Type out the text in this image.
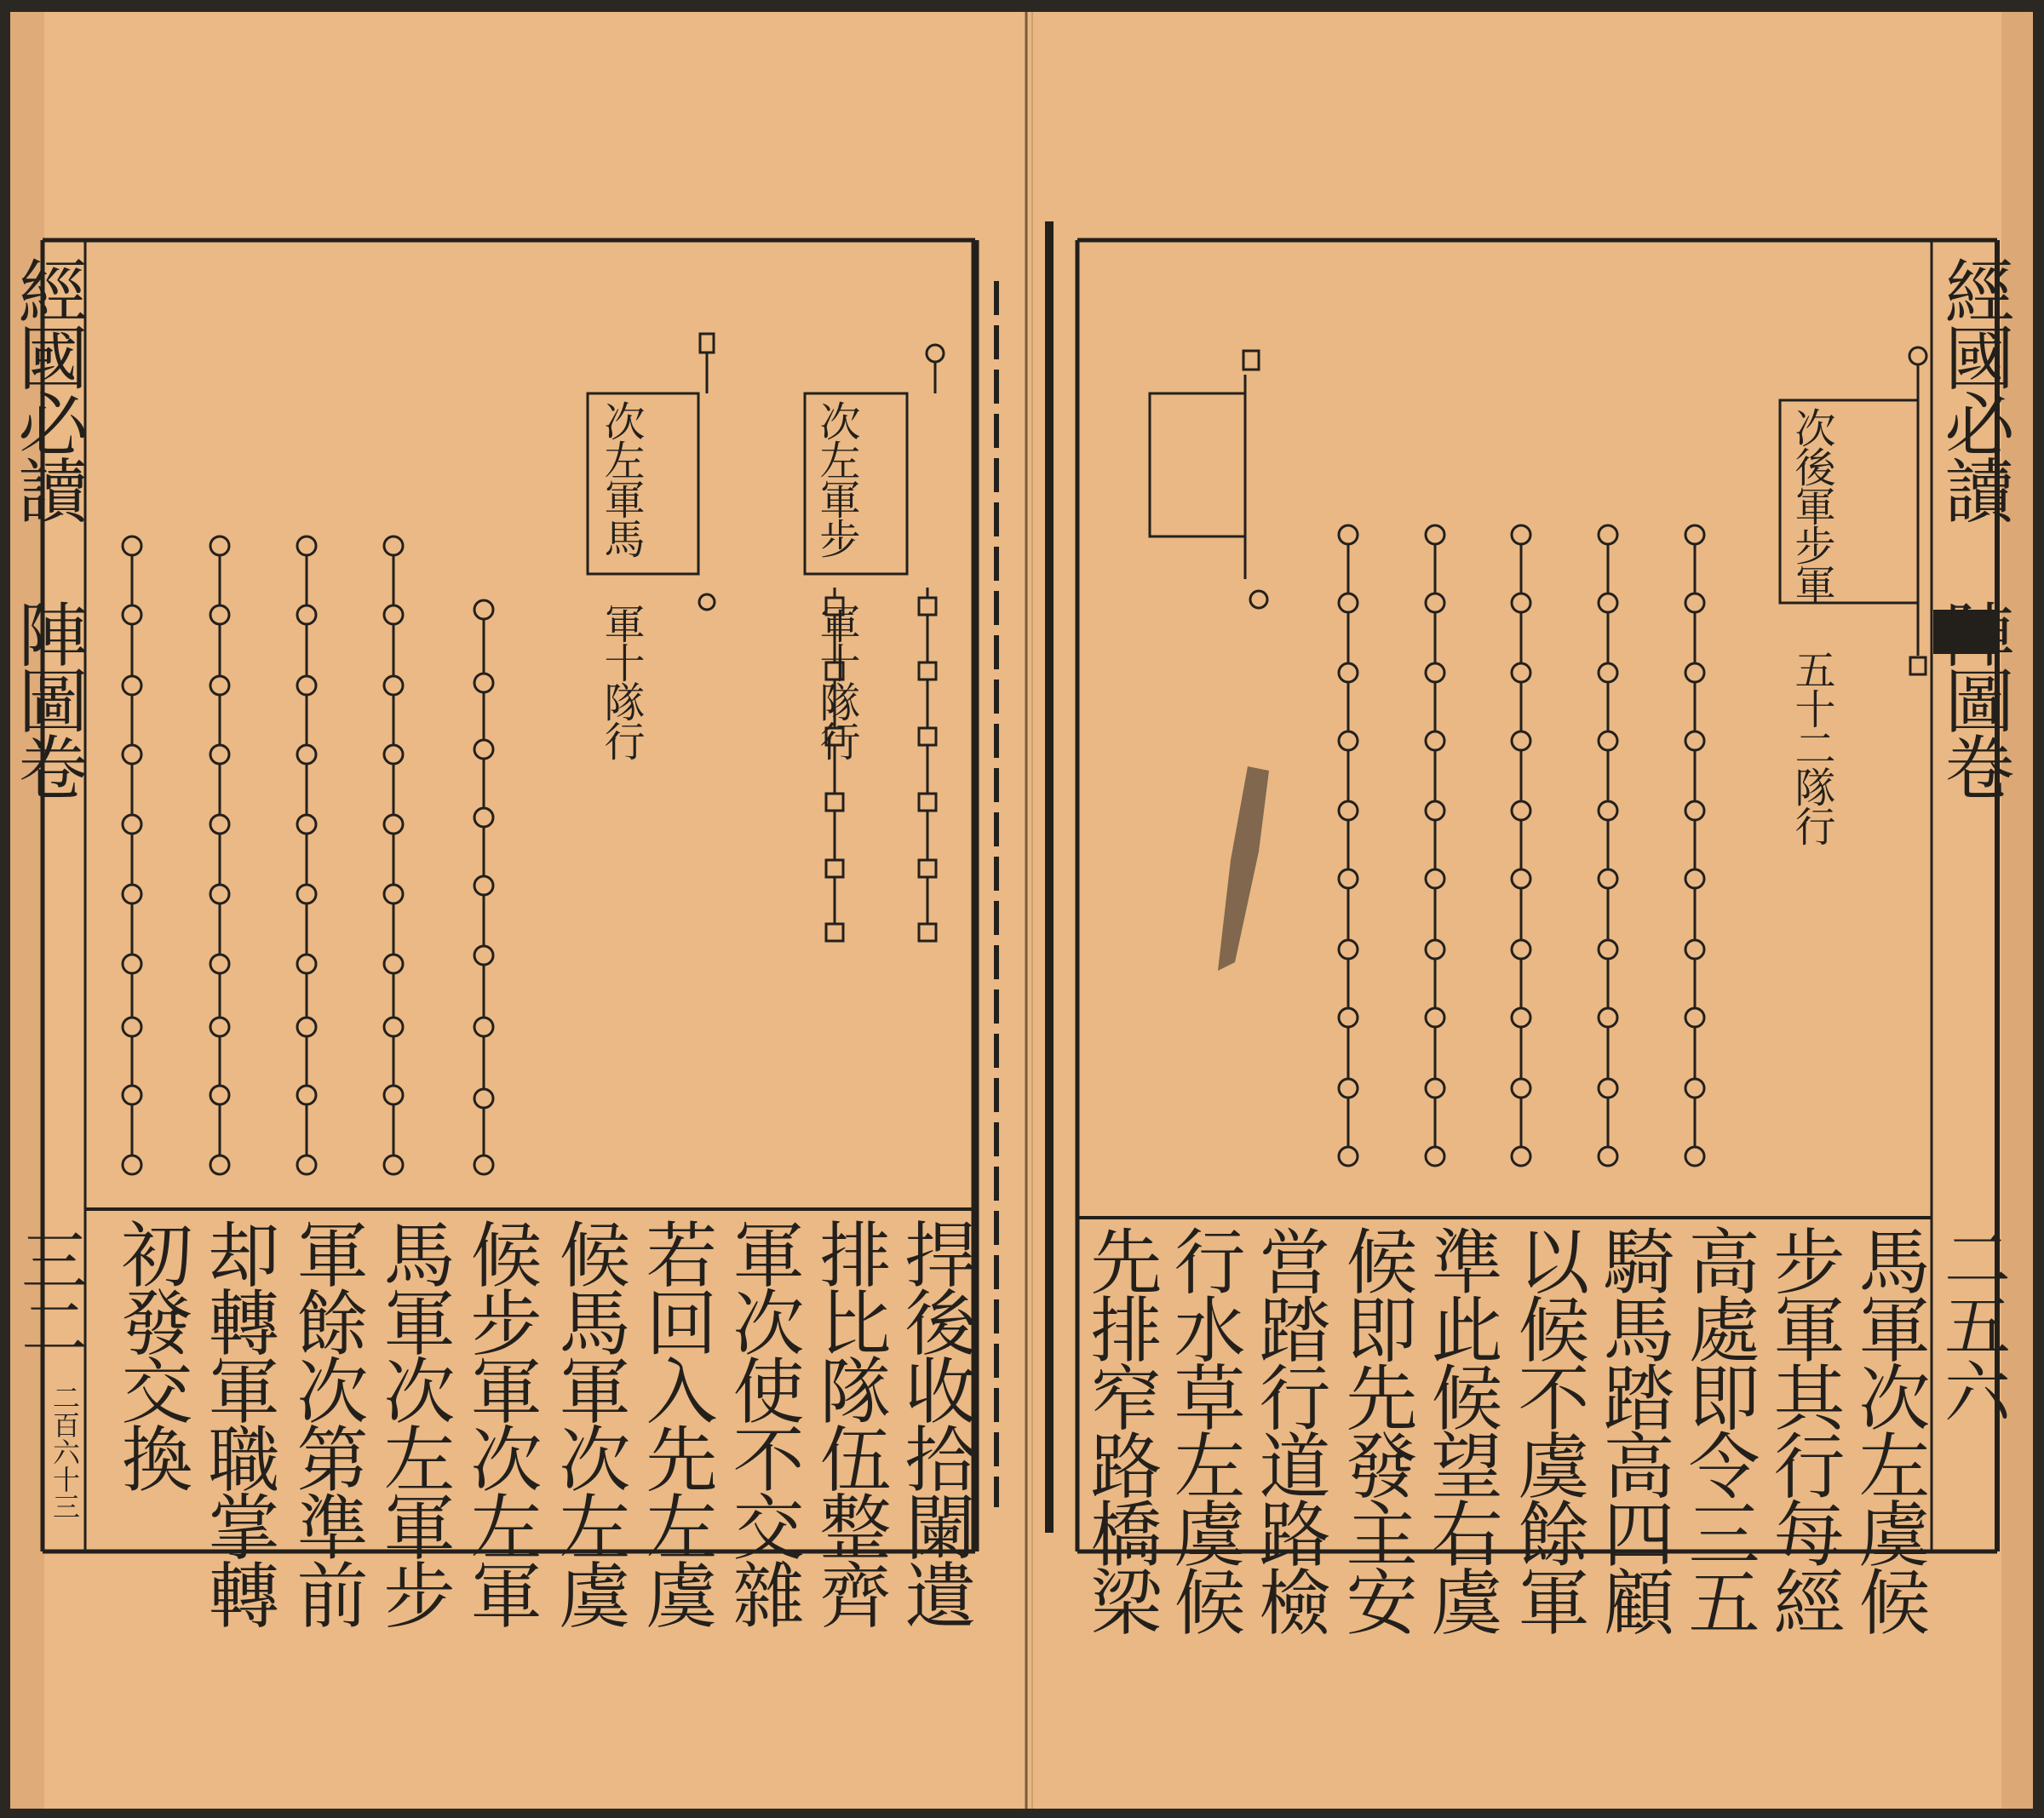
經國必讀 陣圖卷	次左軍馬 軍十隊行	次左軍步 軍十隊行
捍後收拾闌遺
排比隊伍整齊
軍次使不交雜
若回入先左虞
候馬軍次左虞
候步軍次左軍
馬軍次左軍步
軍餘次第準前
却轉軍職掌轉
初發交換
三二
二百六十三
經國必讀 陣圖卷
次後軍步軍 五十二隊行
馬軍次左虞候
步軍其行每經
高處即令三五
騎馬踏高四顧
以候不虞餘軍
準此候望右虞
候即先發主安
営踏行道路檢
行水草左虞候
先排窄路橋梁	二五六
